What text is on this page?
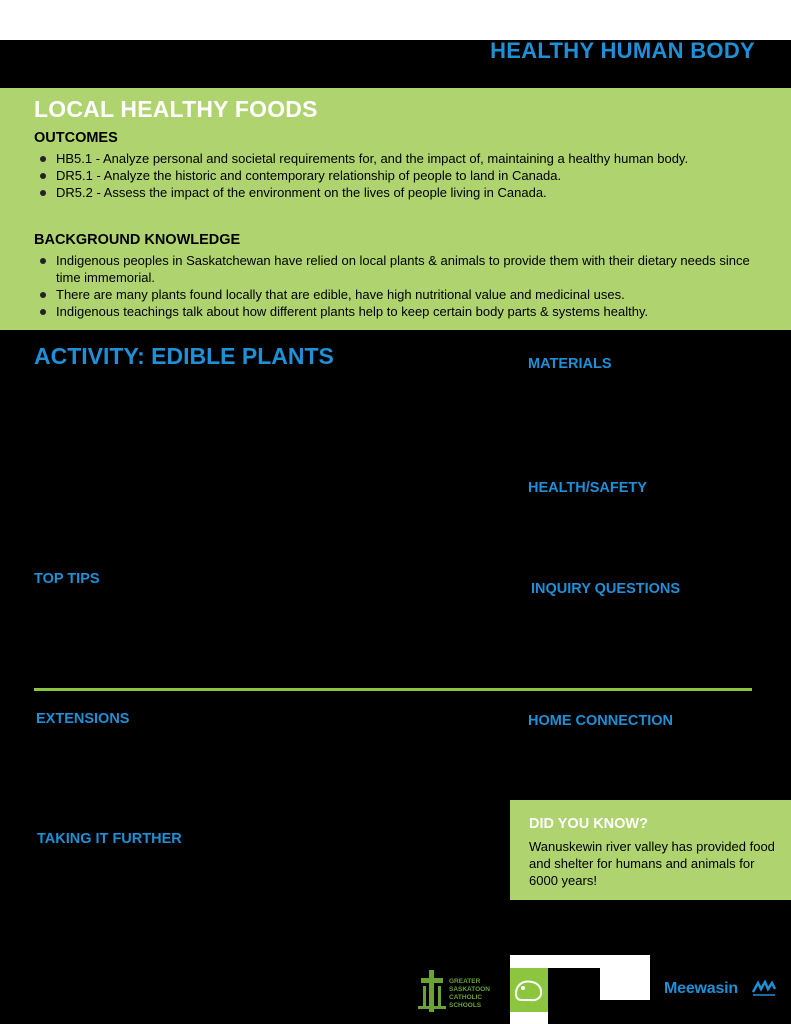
HEALTHY HUMAN BODY
LOCAL HEALTHY FOODS
OUTCOMES
HB5.1 - Analyze personal and societal requirements for, and the impact of, maintaining a healthy human body.
DR5.1 - Analyze the historic and contemporary relationship of people to land in Canada.
DR5.2 - Assess the impact of the environment on the lives of people living in Canada.
BACKGROUND KNOWLEDGE
Indigenous peoples in Saskatchewan have relied on local plants & animals to provide them with their dietary needs since time immemorial.
There are many plants found locally that are edible, have high nutritional value and medicinal uses.
Indigenous teachings talk about how different plants help to keep certain body parts & systems healthy.
ACTIVITY: EDIBLE PLANTS	MATERIALS
HEALTH/SAFETY
TOP TIPS
INQUIRY QUESTIONS
EXTENSIONS	HOME CONNECTION
TAKING IT FURTHER
DID YOU KNOW?
Wanuskewin river valley has provided food and shelter for humans and animals for 6000 years!
GREATER
SASKATOON
CATHOLIC
SCHOOLS
Meewasin
